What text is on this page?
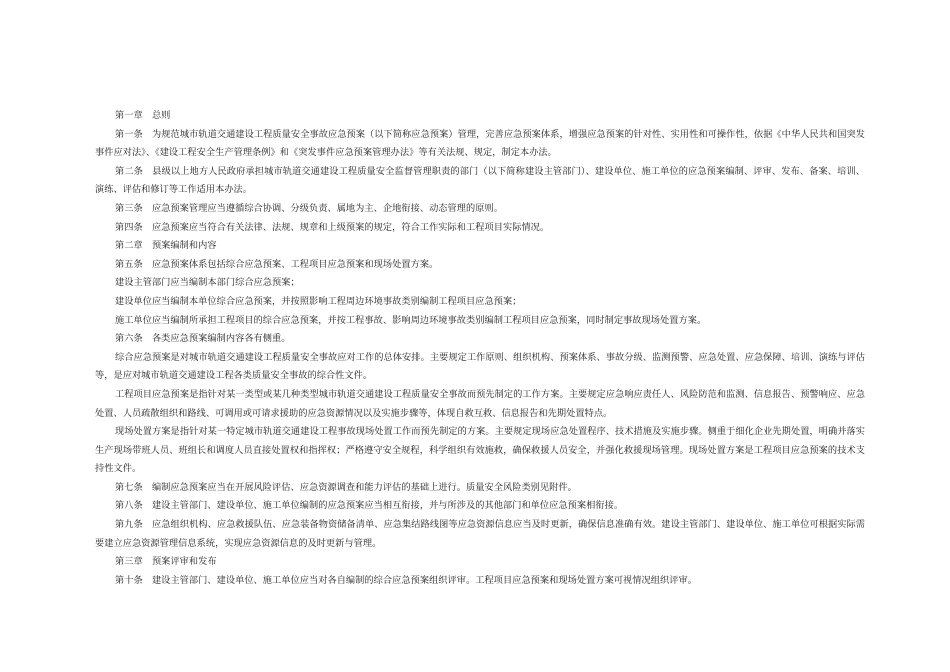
第一章　总则

第一条　为规范城市轨道交通建设工程质量安全事故应急预案（以下简称应急预案）管理，完善应急预案体系，增强应急预案的针对性、实用性和可操作性，依据《中华人民共和国突发事件应对法》、《建设工程安全生产管理条例》和《突发事件应急预案管理办法》等有关法规、规定，制定本办法。

第二条　县级以上地方人民政府承担城市轨道交通建设工程质量安全监督管理职责的部门（以下简称建设主管部门）、建设单位、施工单位的应急预案编制、评审、发布、备案、培训、演练、评估和修订等工作适用本办法。

第三条　应急预案管理应当遵循综合协调、分级负责、属地为主、企地衔接、动态管理的原则。

第四条　应急预案应当符合有关法律、法规、规章和上级预案的规定，符合工作实际和工程项目实际情况。

第二章　预案编制和内容

第五条　应急预案体系包括综合应急预案、工程项目应急预案和现场处置方案。

建设主管部门应当编制本部门综合应急预案；

建设单位应当编制本单位综合应急预案，并按照影响工程周边环境事故类别编制工程项目应急预案；

施工单位应当编制所承担工程项目的综合应急预案，并按工程事故、影响周边环境事故类别编制工程项目应急预案，同时制定事故现场处置方案。

第六条　各类应急预案编制内容各有侧重。

综合应急预案是对城市轨道交通建设工程质量安全事故应对工作的总体安排。主要规定工作原则、组织机构、预案体系、事故分级、监测预警、应急处置、应急保障、培训、演练与评估等，是应对城市轨道交通建设工程各类质量安全事故的综合性文件。

工程项目应急预案是指针对某一类型或某几种类型城市轨道交通建设工程质量安全事故而预先制定的工作方案。主要规定应急响应责任人、风险防范和监测、信息报告、预警响应、应急处置、人员疏散组织和路线、可调用或可请求援助的应急资源情况以及实施步骤等，体现自救互救、信息报告和先期处置特点。

现场处置方案是指针对某一特定城市轨道交通建设工程事故现场处置工作而预先制定的方案。主要规定现场应急处置程序、技术措施及实施步骤。侧重于细化企业先期处置，明确并落实生产现场带班人员、班组长和调度人员直接处置权和指挥权；严格遵守安全规程，科学组织有效施救，确保救援人员安全，并强化救援现场管理。现场处置方案是工程项目应急预案的技术支持性文件。

第七条　编制应急预案应当在开展风险评估、应急资源调查和能力评估的基础上进行。质量安全风险类别见附件。

第八条　建设主管部门、建设单位、施工单位编制的应急预案应当相互衔接，并与所涉及的其他部门和单位应急预案相衔接。

第九条　应急组织机构、应急救援队伍、应急装备物资储备清单、应急集结路线图等应急资源信息应当及时更新，确保信息准确有效。建设主管部门、建设单位、施工单位可根据实际需要建立应急资源管理信息系统，实现应急资源信息的及时更新与管理。

第三章　预案评审和发布

第十条　建设主管部门、建设单位、施工单位应当对各自编制的综合应急预案组织评审。工程项目应急预案和现场处置方案可视情况组织评审。
